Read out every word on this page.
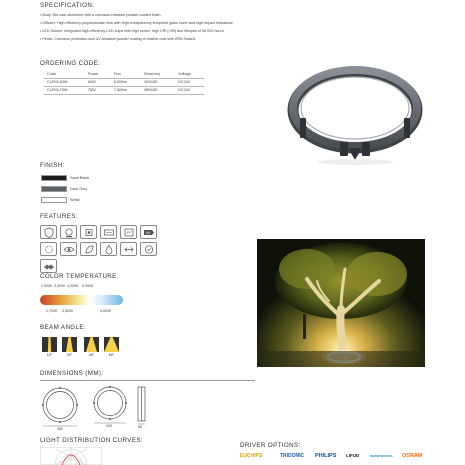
SPECIFICATION:

• Body: Die-cast aluminum with a corrosion-resistant powder-coated finish.

• Diffuser: High efficiency polycarbonate lens with High-transparency tempered glass cover and high impact resistance.

• LED Source: Integrated high-efficiency LED chips with high lumen, high CRI (>90) and lifespan of 50,000 hours.

• Finish: Corrosion protection and UV-resistant powder coating or marine coat with IP66 Sealed.

ORDERING CODE:
Code	Power	Flux	Size(mm)	Voltage
CLROL60W	60W	6,000lm	420X85	DC24V
CLROL75W	75W	7,500lm	490X85	DC24V
FINISH:
Sand Black
Dark Grey
White
FEATURES:
A+
COLOR TEMPERATURE:
2,000K 3,000K 4,000K 5,000K
2,700K 3,500K	4,500K
BEAM ANGLE:
15°	30°	45°	60°
DIMENSIONS (MM):
490
420	85
LIGHT DISTRIBUTION CURVES:
DRIVER OPTIONS:
EUCHIPS	TRIDONIC PHILIPS LIFUD	INVENTRONICS OSRAM
